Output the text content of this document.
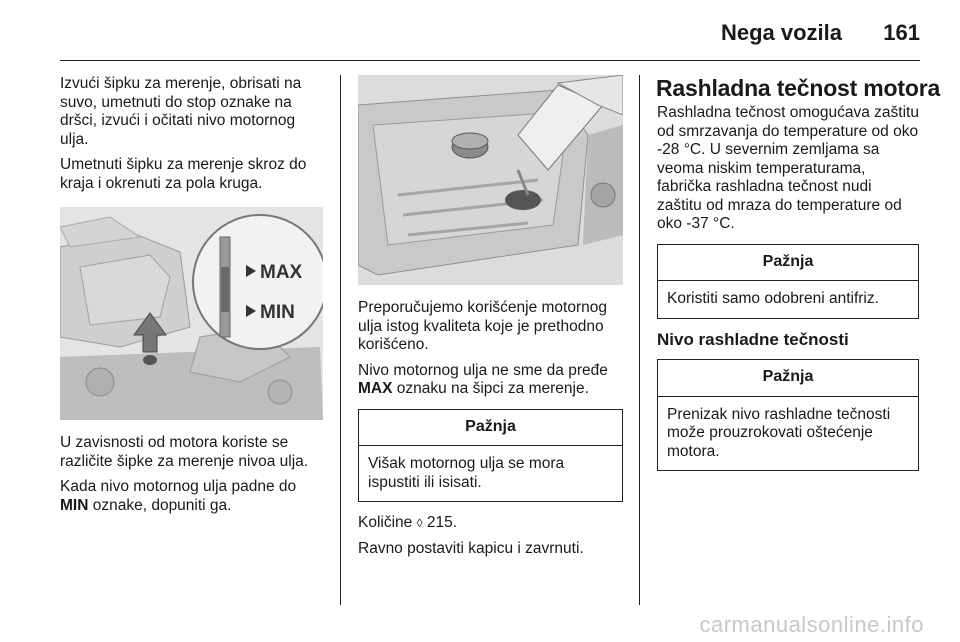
Nega vozila 161

Izvući šipku za merenje, obrisati na suvo, umetnuti do stop oznake na dršci, izvući i očitati nivo motornog ulja.

Umetnuti šipku za merenje skroz do kraja i okrenuti za pola kruga.

MAX
MIN

U zavisnosti od motora koriste se različite šipke za merenje nivoa ulja.

Kada nivo motornog ulja padne do MIN oznake, dopuniti ga.

Preporučujemo korišćenje motornog ulja istog kvaliteta koje je prethodno korišćeno.

Nivo motornog ulja ne sme da pređe MAX oznaku na šipci za merenje.

Pažnja
Višak motornog ulja se mora ispustiti ili isisati.

Količine ◊ 215.

Ravno postaviti kapicu i zavrnuti.

Rashladna tečnost motora

Rashladna tečnost omogućava zaštitu od smrzavanja do temperature od oko -28 °C. U severnim zemljama sa veoma niskim temperaturama, fabrička rashladna tečnost nudi zaštitu od mraza do temperature od oko -37 °C.

Pažnja
Koristiti samo odobreni antifriz.
Nivo rashladne tečnosti
Pažnja
Prenizak nivo rashladne tečnosti može prouzrokovati oštećenje motora.
carmanualsonline.info
